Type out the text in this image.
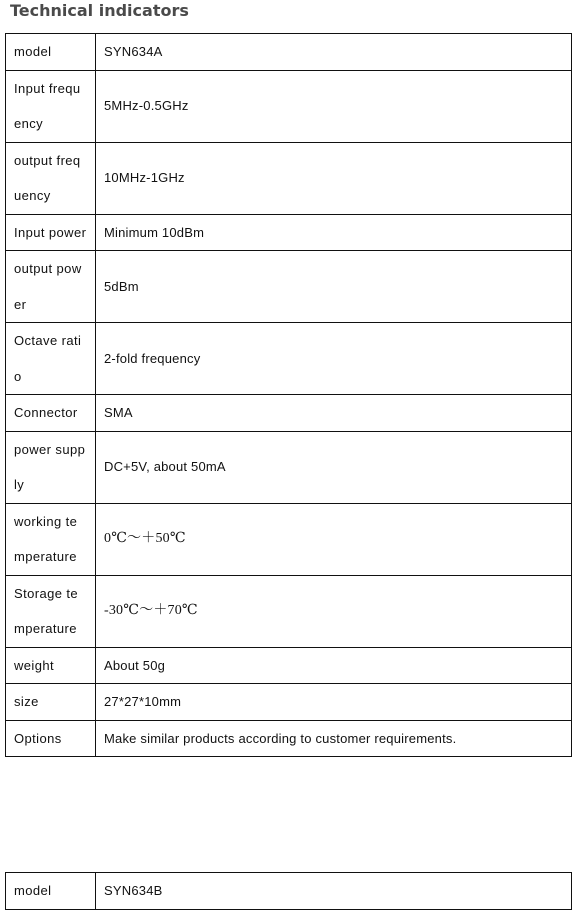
Technical indicators
model	SYN634A
Input frequency	5MHz-0.5GHz
output frequency	10MHz-1GHz
Input power	Minimum 10dBm
output power	5dBm
Octave ratio	2-fold frequency
Connector	SMA
power supply	DC+5V, about 50mA
working temperature	0℃～＋50℃
Storage temperature	-30℃～＋70℃
weight	About 50g
size	27*27*10mm
Options	Make similar products according to customer requirements.
model	SYN634B
